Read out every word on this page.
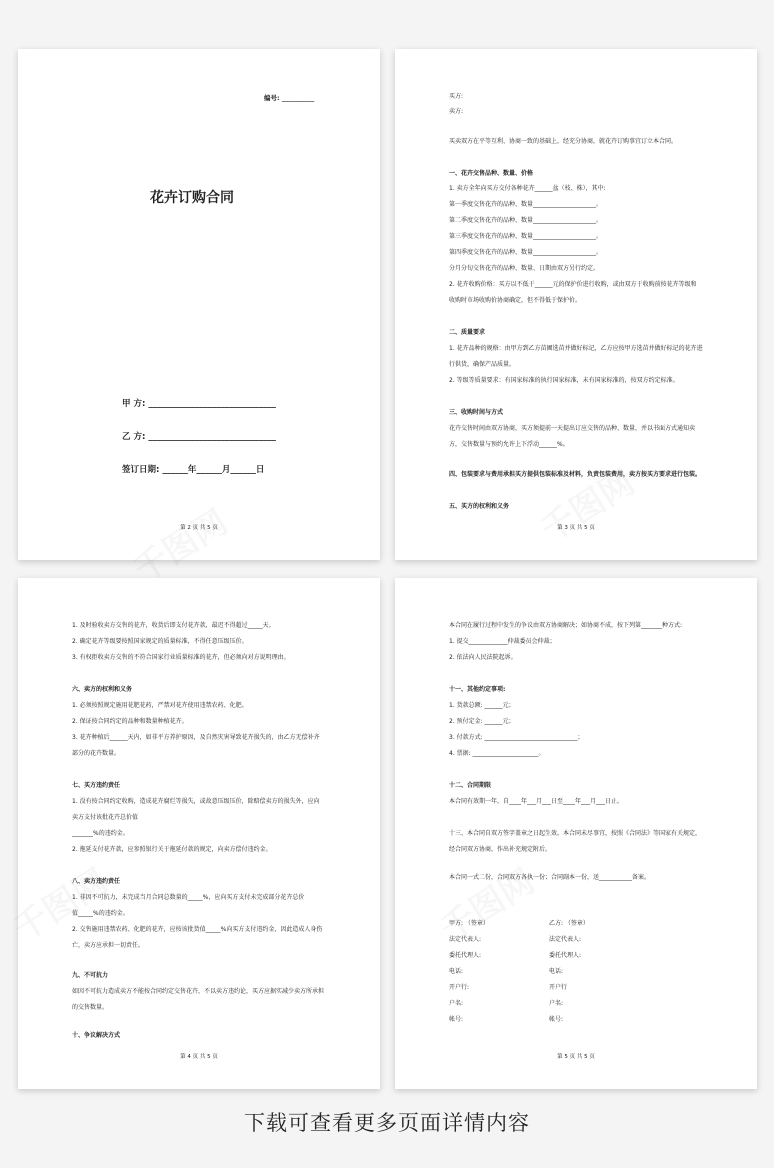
编号: __________
花卉订购合同
甲 方: ______________________________
乙 方: ______________________________
签订日期: ______年______月______日
第 2 页 共 5 页
买方:
卖方:
买卖双方在平等互利、协商一致的基础上，经充分协商，就花卉订购事宜订立本合同。
一、花卉交售品种、数量、价格
1. 卖方全年向买方交付各种花卉______盆（枝、株），其中:
第一季度交售花卉的品种、数量_____________________。
第二季度交售花卉的品种、数量_____________________。
第三季度交售花卉的品种、数量_____________________。
第四季度交售花卉的品种、数量_____________________。
分月分旬交售花卉的品种、数量、日期由双方另行约定。
2. 花卉收购价格：买方以不低于______元的保护价进行收购，或由双方于收购前按花卉等级和
收购时市场收购价协商确定，但不得低于保护价。
二、质量要求
1. 花卉品种的规格：由甲方到乙方苗圃选苗并做好标记，乙方应按甲方选苗并做好标记的花卉进
行供货，确保产品质量。
2. 等级等质量要求：有国家标准的执行国家标准，未有国家标准的，按双方约定标准。
三、收购时间与方式
花卉交售时间由双方协商，买方须提前一天提出订应交售的品种、数量，并以书面方式通知卖
方，交售数量与预约允许上下浮动______%。
四、包装要求与费用承担买方提供包装标准及材料，负责包装费用，卖方按买方要求进行包装。
五、买方的权利和义务
第 3 页 共 5 页
1. 及时验收卖方交售的花卉，收货后即支付花卉款，最迟不得超过_____天。
2. 确定花卉等级要按照国家规定的质量标准，不得任意压级压价。
3. 有权拒收卖方交售的不符合国家行业质量标准的花卉，但必须向对方说明理由。
六、卖方的权利和义务
1. 必须按照规定施用花肥花药，严禁对花卉使用违禁农药、化肥。
2. 保证按合同约定的品种和数量种植花卉。
3. 花卉种植后______天内，如非平方养护原因，及自然灾害导致花卉损失的，由乙方无偿补齐
部分的花卉数量。
七、买方违约责任
1. 没有按合同约定收购，造成花卉腐烂等损失，或故意压级压价，除赔偿卖方的损失外，应向
卖方支付该批花卉总价值
_______%的违约金。
2. 拖延支付花卉款，应参照银行关于拖延付款的规定，向卖方偿付违约金。
八、卖方违约责任
1. 非因不可抗力，未完成当月合同总数量的_____%，应向买方支付未完成部分花卉总价
值_____%的违约金。
2. 交售施用违禁农药、化肥的花卉，应按该批货值_____%向买方支付违约金，因此造成人身伤
亡，卖方应承担一切责任。
九、不可抗力
如因不可抗力造成卖方不能按合同约定交售花卉，不以卖方违约论，买方应据实减少卖方所承担
的交售数量。
十、争议解决方式
第 4 页 共 5 页
本合同在履行过程中发生的争议由双方协商解决；如协商不成，按下列第_______种方式:
1. 提交_____________仲裁委员会仲裁；
2. 依法向人民法院起诉。
十一、其他约定事项:
1. 货款总额: ______元；
2. 预付定金: ______元；
3. 付款方式: _______________________________；
4. 票据: ______________________。
十二、合同期限
本合同有效期一年，自____年___月___日至____年___月___日止。
十三、本合同自双方签字盖章之日起生效。本合同未尽事宜，按照《合同法》等国家有关规定，
经合同双方协商，作出补充规定附后。
本合同一式二份，合同双方各执一份；合同副本一份，送___________备案。
甲方: （签章）
法定代表人:
委托代理人:
电话:
开户行:
户名:
帐号:
乙方: （签章）
法定代表人:
委托代理人:
电话:
开户行
户名:
帐号:
第 5 页 共 5 页
下载可查看更多页面详情内容
